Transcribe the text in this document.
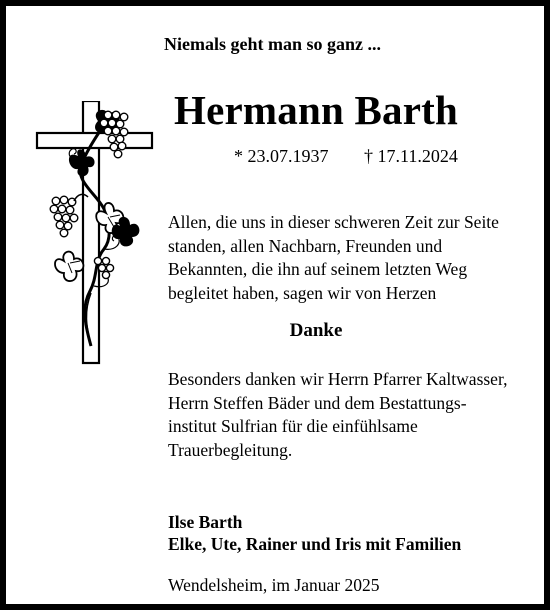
Niemals geht man so ganz ...
Hermann Barth
* 23.07.1937 † 17.11.2024
Allen, die uns in dieser schweren Zeit zur Seite
standen, allen Nachbarn, Freunden und
Bekannten, die ihn auf seinem letzten Weg
begleitet haben, sagen wir von Herzen
Danke
Besonders danken wir Herrn Pfarrer Kaltwasser,
Herrn Steffen Bäder und dem Bestattungs-
institut Sulfrian für die einfühlsame
Trauerbegleitung.
Ilse Barth
Elke, Ute, Rainer und Iris mit Familien
Wendelsheim, im Januar 2025
